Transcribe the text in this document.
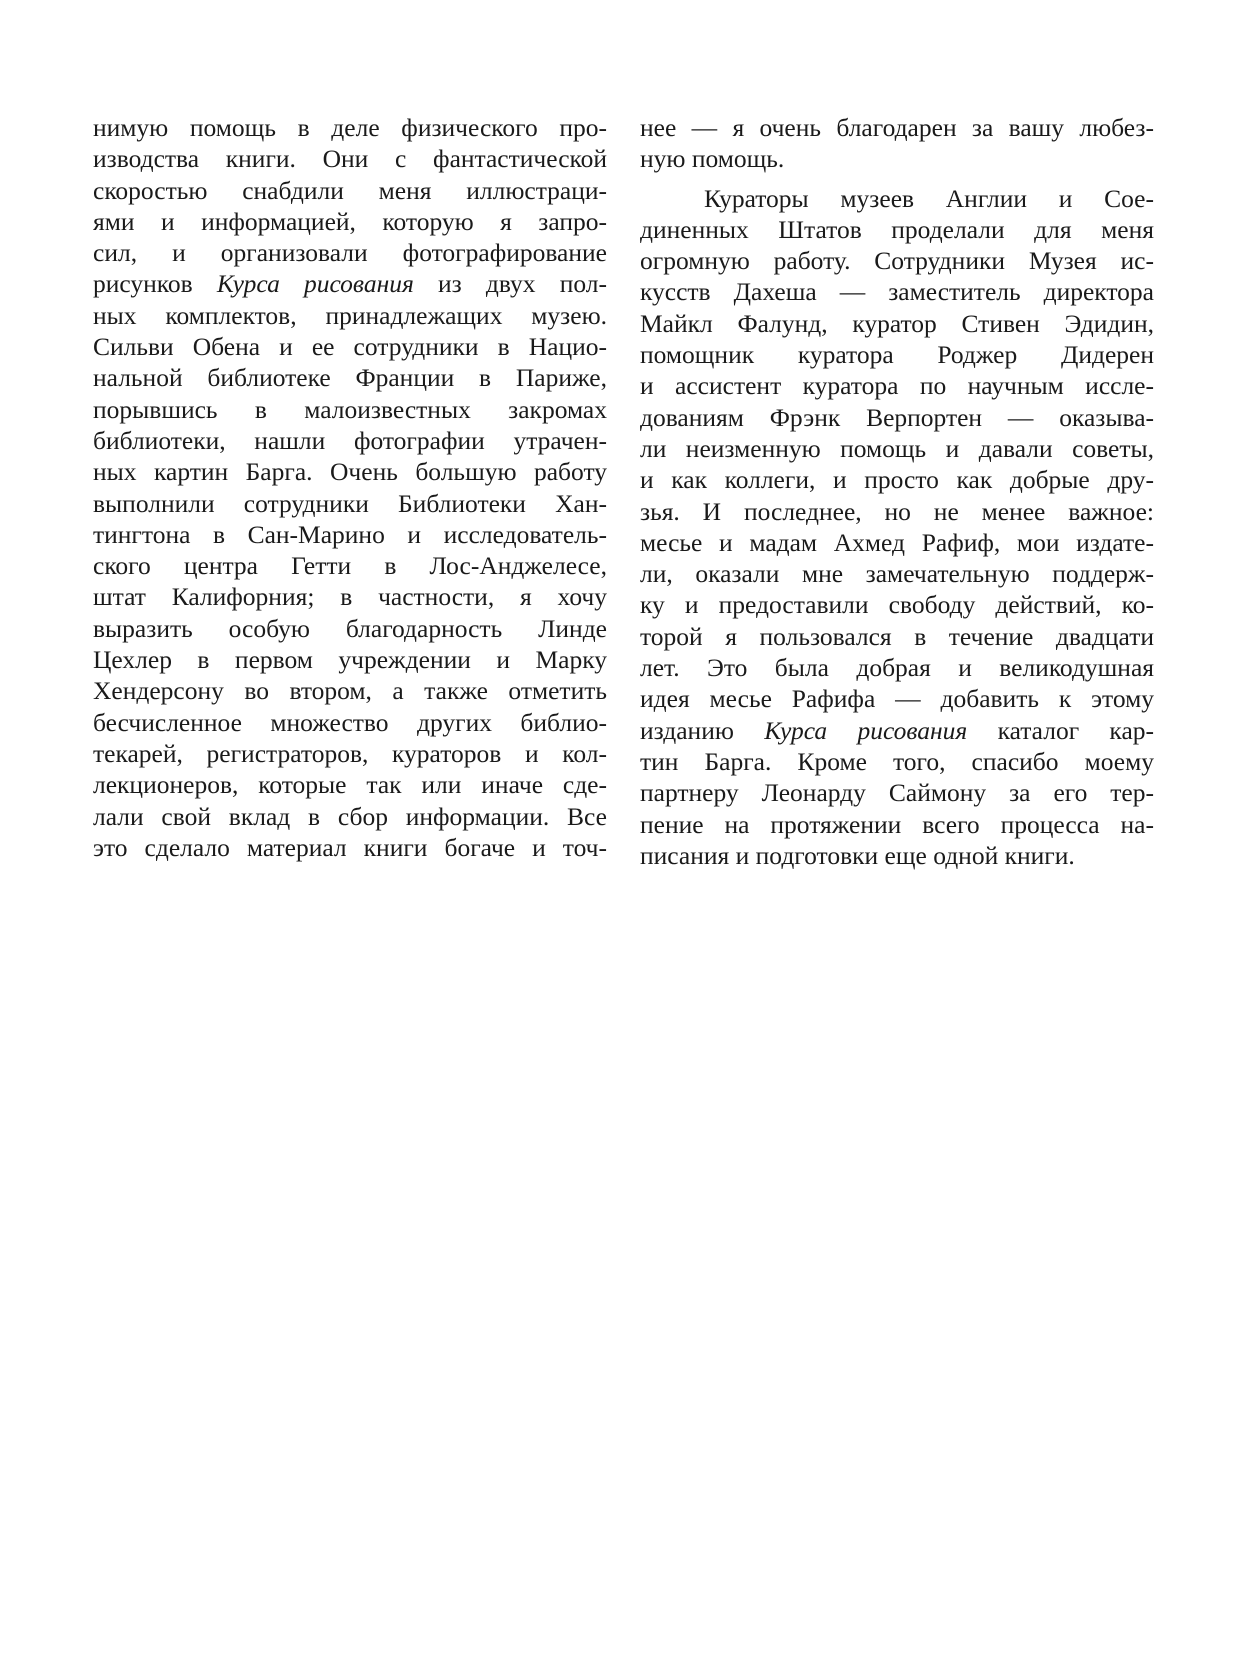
нимую помощь в деле физического про-
изводства книги. Они с фантастической
скоростью снабдили меня иллюстраци-
ями и информацией, которую я запро-
сил, и организовали фотографирование
рисунков Курса рисования из двух пол-
ных комплектов, принадлежащих музею.
Сильви Обена и ее сотрудники в Нацио-
нальной библиотеке Франции в Париже,
порывшись в малоизвестных закромах
библиотеки, нашли фотографии утрачен-
ных картин Барга. Очень большую работу
выполнили сотрудники Библиотеки Хан-
тингтона в Сан-Марино и исследователь-
ского центра Гетти в Лос-Анджелесе,
штат Калифорния; в частности, я хочу
выразить особую благодарность Линде
Цехлер в первом учреждении и Марку
Хендерсону во втором, а также отметить
бесчисленное множество других библио-
текарей, регистраторов, кураторов и кол-
лекционеров, которые так или иначе сде-
лали свой вклад в сбор информации. Все
это сделало материал книги богаче и точ-
нее — я очень благодарен за вашу любез-
ную помощь.
Кураторы музеев Англии и Сое-
диненных Штатов проделали для меня
огромную работу. Сотрудники Музея ис-
кусств Дахеша — заместитель директора
Майкл Фалунд, куратор Стивен Эдидин,
помощник куратора Роджер Дидерен
и ассистент куратора по научным иссле-
дованиям Фрэнк Верпортен — оказыва-
ли неизменную помощь и давали советы,
и как коллеги, и просто как добрые дру-
зья. И последнее, но не менее важное:
месье и мадам Ахмед Рафиф, мои издате-
ли, оказали мне замечательную поддерж-
ку и предоставили свободу действий, ко-
торой я пользовался в течение двадцати
лет. Это была добрая и великодушная
идея месье Рафифа — добавить к этому
изданию Курса рисования каталог кар-
тин Барга. Кроме того, спасибо моему
партнеру Леонарду Саймону за его тер-
пение на протяжении всего процесса на-
писания и подготовки еще одной книги.
